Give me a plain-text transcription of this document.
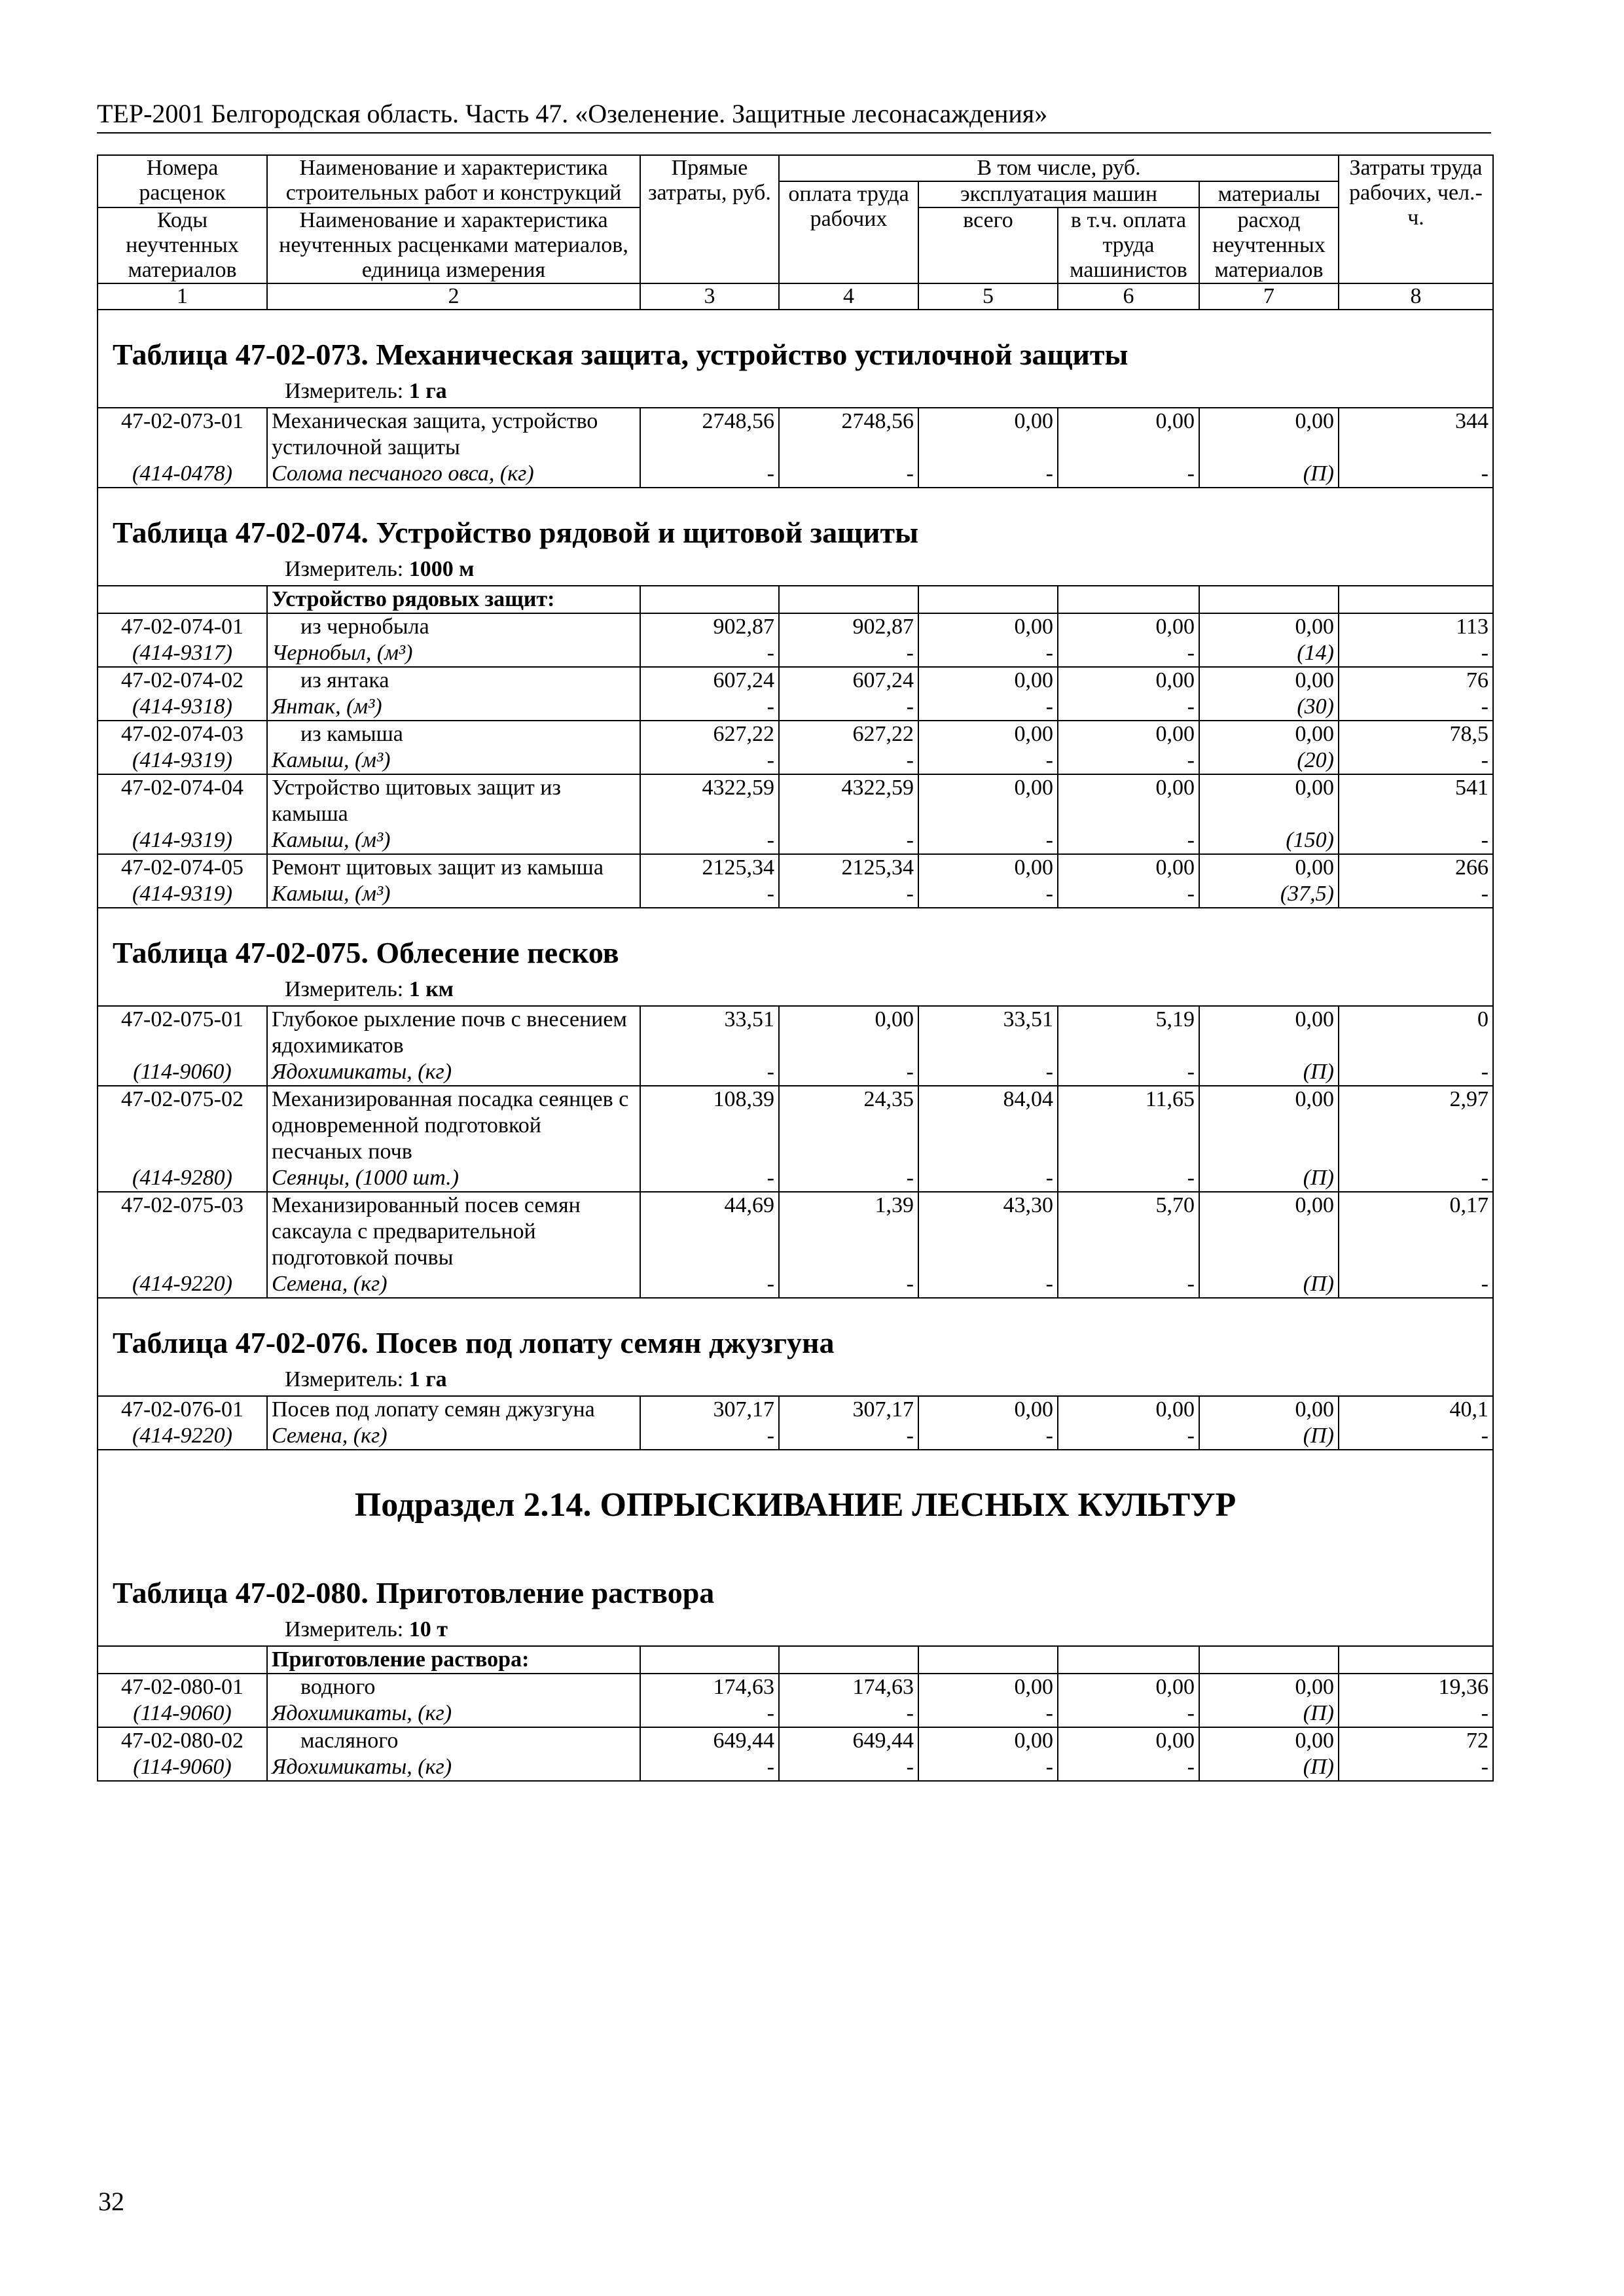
ТЕР-2001 Белгородская область. Часть 47. «Озеленение. Защитные лесонасаждения»
Номера расценок	Наименование и характеристика строительных работ и конструкций	Прямые затраты, руб.	В том числе, руб.				Затраты труда рабочих, чел.-ч.
			оплата труда рабочих	эксплуатация машин		материалы	
Коды неучтенных материалов	Наименование и характеристика неучтенных расценками материалов, единица измерения			всего	в т.ч. оплата труда машинистов	расход неучтенных материалов	

1	2	3	4	5	6	7	8
Таблица 47-02-073. Механическая защита, устройство устилочной защиты							
Измеритель: 1 га							
47-02-073-01	Механическая защита, устройство устилочной защиты	2748,56	2748,56	0,00	0,00	0,00	344
(414-0478)	Солома песчаного овса, (кг)	-	-	-	-	(П)	-
Таблица 47-02-074. Устройство рядовой и щитовой защиты							
Измеритель: 1000 м							
	Устройство рядовых защит:						
47-02-074-01	из чернобыла	902,87	902,87	0,00	0,00	0,00	113
(414-9317)	Чернобыл, (м³)	-	-	-	-	(14)	-
47-02-074-02	из янтака	607,24	607,24	0,00	0,00	0,00	76
(414-9318)	Янтак, (м³)	-	-	-	-	(30)	-
47-02-074-03	из камыша	627,22	627,22	0,00	0,00	0,00	78,5
(414-9319)	Камыш, (м³)	-	-	-	-	(20)	-
47-02-074-04	Устройство щитовых защит из камыша	4322,59	4322,59	0,00	0,00	0,00	541
(414-9319)	Камыш, (м³)	-	-	-	-	(150)	-
47-02-074-05	Ремонт щитовых защит из камыша	2125,34	2125,34	0,00	0,00	0,00	266
(414-9319)	Камыш, (м³)	-	-	-	-	(37,5)	-
Таблица 47-02-075. Облесение песков							
Измеритель: 1 км							
47-02-075-01	Глубокое рыхление почв с внесением ядохимикатов	33,51	0,00	33,51	5,19	0,00	0
(114-9060)	Ядохимикаты, (кг)	-	-	-	-	(П)	-
47-02-075-02	Механизированная посадка сеянцев с одновременной подготовкой песчаных почв	108,39	24,35	84,04	11,65	0,00	2,97
(414-9280)	Сеянцы, (1000 шт.)	-	-	-	-	(П)	-
47-02-075-03	Механизированный посев семян саксаула с предварительной подготовкой почвы	44,69	1,39	43,30	5,70	0,00	0,17
(414-9220)	Семена, (кг)	-	-	-	-	(П)	-
Таблица 47-02-076. Посев под лопату семян джузгуна							
Измеритель: 1 га							
47-02-076-01	Посев под лопату семян джузгуна	307,17	307,17	0,00	0,00	0,00	40,1
(414-9220)	Семена, (кг)	-	-	-	-	(П)	-
Подраздел 2.14. ОПРЫСКИВАНИЕ ЛЕСНЫХ КУЛЬТУР							
Таблица 47-02-080. Приготовление раствора							
Измеритель: 10 т							
	Приготовление раствора:						
47-02-080-01	водного	174,63	174,63	0,00	0,00	0,00	19,36
(114-9060)	Ядохимикаты, (кг)	-	-	-	-	(П)	-
47-02-080-02	масляного	649,44	649,44	0,00	0,00	0,00	72
(114-9060)	Ядохимикаты, (кг)	-	-	-	-	(П)	-
32
